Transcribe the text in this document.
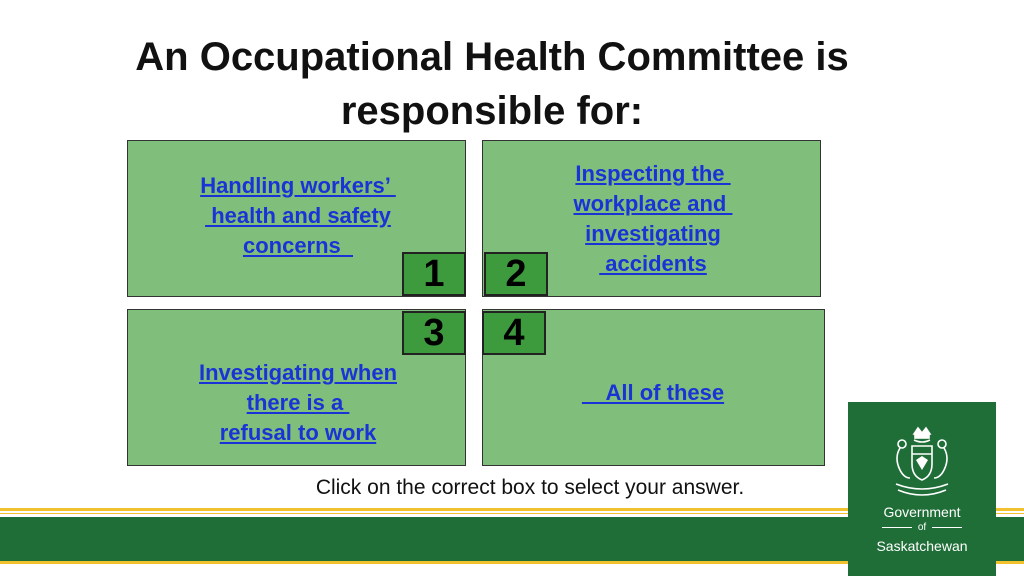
An Occupational Health Committee is
responsible for:
Handling workers’
health and safety
concerns
Inspecting the
workplace and
investigating
accidents
Investigating when
there is a
refusal to work
All of these
1	2
3	4
Click on the correct box to select your answer.
Government
of
Saskatchewan
